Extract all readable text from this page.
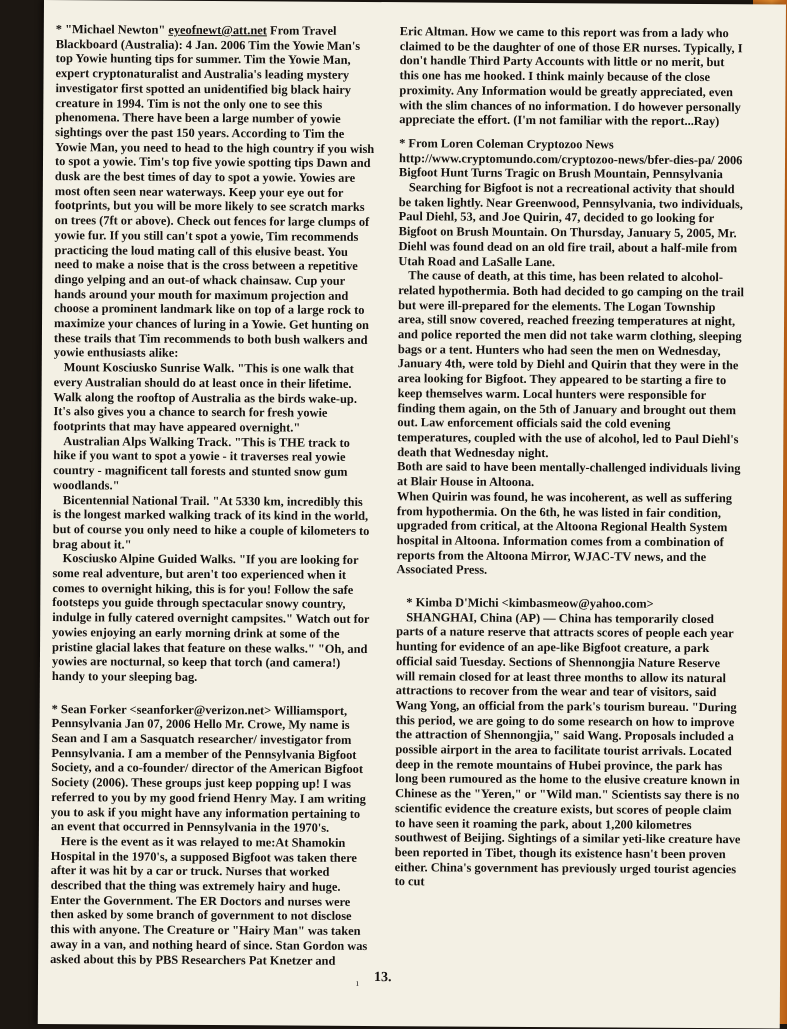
* "Michael Newton" eyeofnewt@att.net From Travel Blackboard (Australia): 4 Jan. 2006 Tim the Yowie Man's top Yowie hunting tips for summer. Tim the Yowie Man, expert cryptonaturalist and Australia's leading mystery investigator first spotted an unidentified big black hairy creature in 1994. Tim is not the only one to see this phenomena. There have been a large number of yowie sightings over the past 150 years. According to Tim the Yowie Man, you need to head to the high country if you wish to spot a yowie. Tim's top five yowie spotting tips Dawn and dusk are the best times of day to spot a yowie. Yowies are most often seen near waterways. Keep your eye out for footprints, but you will be more likely to see scratch marks on trees (7ft or above). Check out fences for large clumps of yowie fur. If you still can't spot a yowie, Tim recommends practicing the loud mating call of this elusive beast. You need to make a noise that is the cross between a repetitive dingo yelping and an out-of whack chainsaw. Cup your hands around your mouth for maximum projection and choose a prominent landmark like on top of a large rock to maximize your chances of luring in a Yowie. Get hunting on these trails that Tim recommends to both bush walkers and yowie enthusiasts alike:

Mount Kosciusko Sunrise Walk. "This is one walk that every Australian should do at least once in their lifetime. Walk along the rooftop of Australia as the birds wake-up. It's also gives you a chance to search for fresh yowie footprints that may have appeared overnight."

Australian Alps Walking Track. "This is THE track to hike if you want to spot a yowie - it traverses real yowie country - magnificent tall forests and stunted snow gum woodlands."

Bicentennial National Trail. "At 5330 km, incredibly this is the longest marked walking track of its kind in the world, but of course you only need to hike a couple of kilometers to brag about it."

Kosciusko Alpine Guided Walks. "If you are looking for some real adventure, but aren't too experienced when it comes to overnight hiking, this is for you! Follow the safe footsteps you guide through spectacular snowy country, indulge in fully catered overnight campsites." Watch out for yowies enjoying an early morning drink at some of the pristine glacial lakes that feature on these walks." "Oh, and yowies are nocturnal, so keep that torch (and camera!) handy to your sleeping bag.

* Sean Forker <seanforker@verizon.net> Williamsport, Pennsylvania Jan 07, 2006 Hello Mr. Crowe, My name is Sean and I am a Sasquatch researcher/ investigator from Pennsylvania. I am a member of the Pennsylvania Bigfoot Society, and a co-founder/ director of the American Bigfoot Society (2006). These groups just keep popping up! I was referred to you by my good friend Henry May. I am writing you to ask if you might have any information pertaining to an event that occurred in Pennsylvania in the 1970's.

Here is the event as it was relayed to me:At Shamokin Hospital in the 1970's, a supposed Bigfoot was taken there after it was hit by a car or truck. Nurses that worked described that the thing was extremely hairy and huge. Enter the Government. The ER Doctors and nurses were then asked by some branch of government to not disclose this with anyone. The Creature or "Hairy Man" was taken away in a van, and nothing heard of since. Stan Gordon was asked about this by PBS Researchers Pat Knetzer and

Eric Altman. How we came to this report was from a lady who claimed to be the daughter of one of those ER nurses. Typically, I don't handle Third Party Accounts with little or no merit, but this one has me hooked. I think mainly because of the close proximity. Any Information would be greatly appreciated, even with the slim chances of no information. I do however personally appreciate the effort. (I'm not familiar with the report...Ray)

* From Loren Coleman Cryptozoo News http://www.cryptomundo.com/cryptozoo-news/bfer-dies-pa/ 2006 Bigfoot Hunt Turns Tragic on Brush Mountain, Pennsylvania

Searching for Bigfoot is not a recreational activity that should be taken lightly. Near Greenwood, Pennsylvania, two individuals, Paul Diehl, 53, and Joe Quirin, 47, decided to go looking for Bigfoot on Brush Mountain. On Thursday, January 5, 2005, Mr. Diehl was found dead on an old fire trail, about a half-mile from Utah Road and LaSalle Lane.

The cause of death, at this time, has been related to alcohol-related hypothermia. Both had decided to go camping on the trail but were ill-prepared for the elements. The Logan Township area, still snow covered, reached freezing temperatures at night, and police reported the men did not take warm clothing, sleeping bags or a tent. Hunters who had seen the men on Wednesday, January 4th, were told by Diehl and Quirin that they were in the area looking for Bigfoot. They appeared to be starting a fire to keep themselves warm. Local hunters were responsible for finding them again, on the 5th of January and brought out them out. Law enforcement officials said the cold evening temperatures, coupled with the use of alcohol, led to Paul Diehl's death that Wednesday night.

Both are said to have been mentally-challenged individuals living at Blair House in Altoona.

When Quirin was found, he was incoherent, as well as suffering from hypothermia. On the 6th, he was listed in fair condition, upgraded from critical, at the Altoona Regional Health System hospital in Altoona. Information comes from a combination of reports from the Altoona Mirror, WJAC-TV news, and the Associated Press.

* Kimba D'Michi <kimbasmeow@yahoo.com>

SHANGHAI, China (AP) — China has temporarily closed parts of a nature reserve that attracts scores of people each year hunting for evidence of an ape-like Bigfoot creature, a park official said Tuesday. Sections of Shennongjia Nature Reserve will remain closed for at least three months to allow its natural attractions to recover from the wear and tear of visitors, said Wang Yong, an official from the park's tourism bureau. "During this period, we are going to do some research on how to improve the attraction of Shennongjia," said Wang. Proposals included a possible airport in the area to facilitate tourist arrivals. Located deep in the remote mountains of Hubei province, the park has long been rumoured as the home to the elusive creature known in Chinese as the "Yeren," or "Wild man." Scientists say there is no scientific evidence the creature exists, but scores of people claim to have seen it roaming the park, about 1,200 kilometres southwest of Beijing. Sightings of a similar yeti-like creature have been reported in Tibet, though its existence hasn't been proven either. China's government has previously urged tourist agencies to cut

ı 13.
